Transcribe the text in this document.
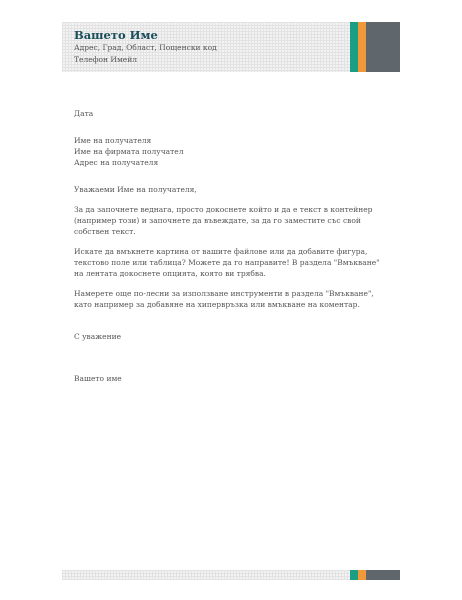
Вашето Име
Адрес, Град, Област, Пощенски код
Телефон Имейл

Дата

Име на получателя

Име на фирмата получател

Адрес на получателя

Уважаеми Име на получателя,

За да започнете веднага, просто докоснете който и да е текст в контейнер (например този) и започнете да въвеждате, за да го заместите със свой собствен текст.

Искате да вмъкнете картина от вашите файлове или да добавите фигура, текстово поле или таблица? Можете да го направите! В раздела "Вмъкване" на лентата докоснете опцията, която ви трябва.

Намерете още по-лесни за използване инструменти в раздела "Вмъкване", като например за добавяне на хипервръзка или вмъкване на коментар.

С уважение

Вашето име
